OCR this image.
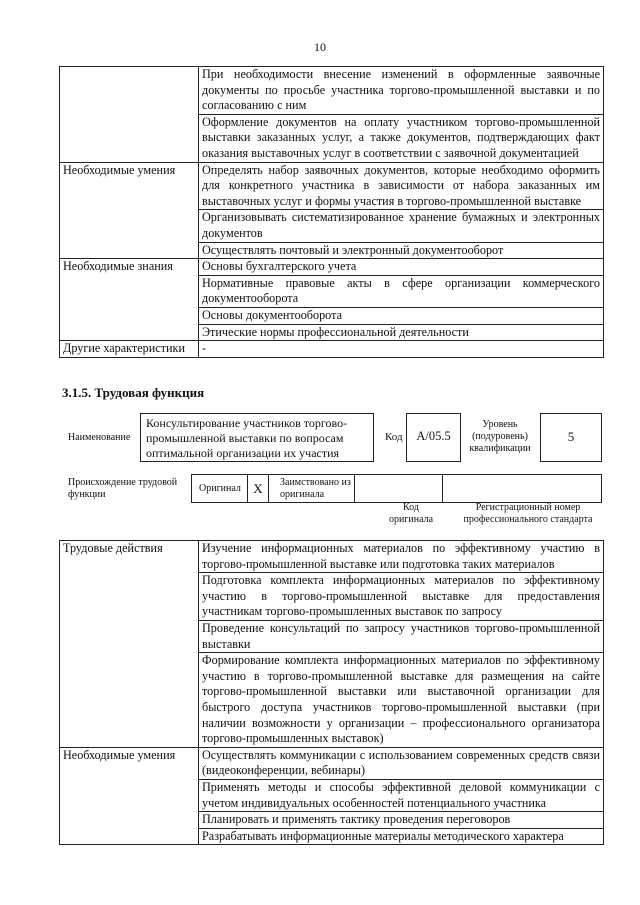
10
	При необходимости внесение изменений в оформленные заявочные документы по просьбе участника торгово-промышленной выставки и по согласованию с ним
	Оформление документов на оплату участником торгово-промышленной выставки заказанных услуг, а также документов, подтверждающих факт оказания выставочных услуг в соответствии с заявочной документацией
Необходимые умения	Определять набор заявочных документов, которые необходимо оформить для конкретного участника в зависимости от набора заказанных им выставочных услуг и формы участия в торгово-промышленной выставке
	Организовывать систематизированное хранение бумажных и электронных документов
	Осуществлять почтовый и электронный документооборот
Необходимые знания	Основы бухгалтерского учета
	Нормативные правовые акты в сфере организации коммерческого документооборота
	Основы документооборота
	Этические нормы профессиональной деятельности
Другие характеристики	-
3.1.5. Трудовая функция
Наименование
Консультирование участников торгово-промышленной выставки по вопросам оптимальной организации их участия
Код	А/05.5
Уровень (подуровень) квалификации
5
Происхождение трудовой функции
Оригинал X	Заимствовано из оригинала
Код оригинала
Регистрационный номер профессионального стандарта
Трудовые действия	Изучение информационных материалов по эффективному участию в торгово-промышленной выставке или подготовка таких материалов
	Подготовка комплекта информационных материалов по эффективному участию в торгово-промышленной выставке для предоставления участникам торгово-промышленных выставок по запросу
	Проведение консультаций по запросу участников торгово-промышленной выставки
	Формирование комплекта информационных материалов по эффективному участию в торгово-промышленной выставке для размещения на сайте торгово-промышленной выставки или выставочной организации для быстрого доступа участников торгово-промышленной выставки (при наличии возможности у организации – профессионального организатора торгово-промышленных выставок)
Необходимые умения	Осуществлять коммуникации с использованием современных средств связи (видеоконференции, вебинары)
	Применять методы и способы эффективной деловой коммуникации с учетом индивидуальных особенностей потенциального участника
	Планировать и применять тактику проведения переговоров
	Разрабатывать информационные материалы методического характера
